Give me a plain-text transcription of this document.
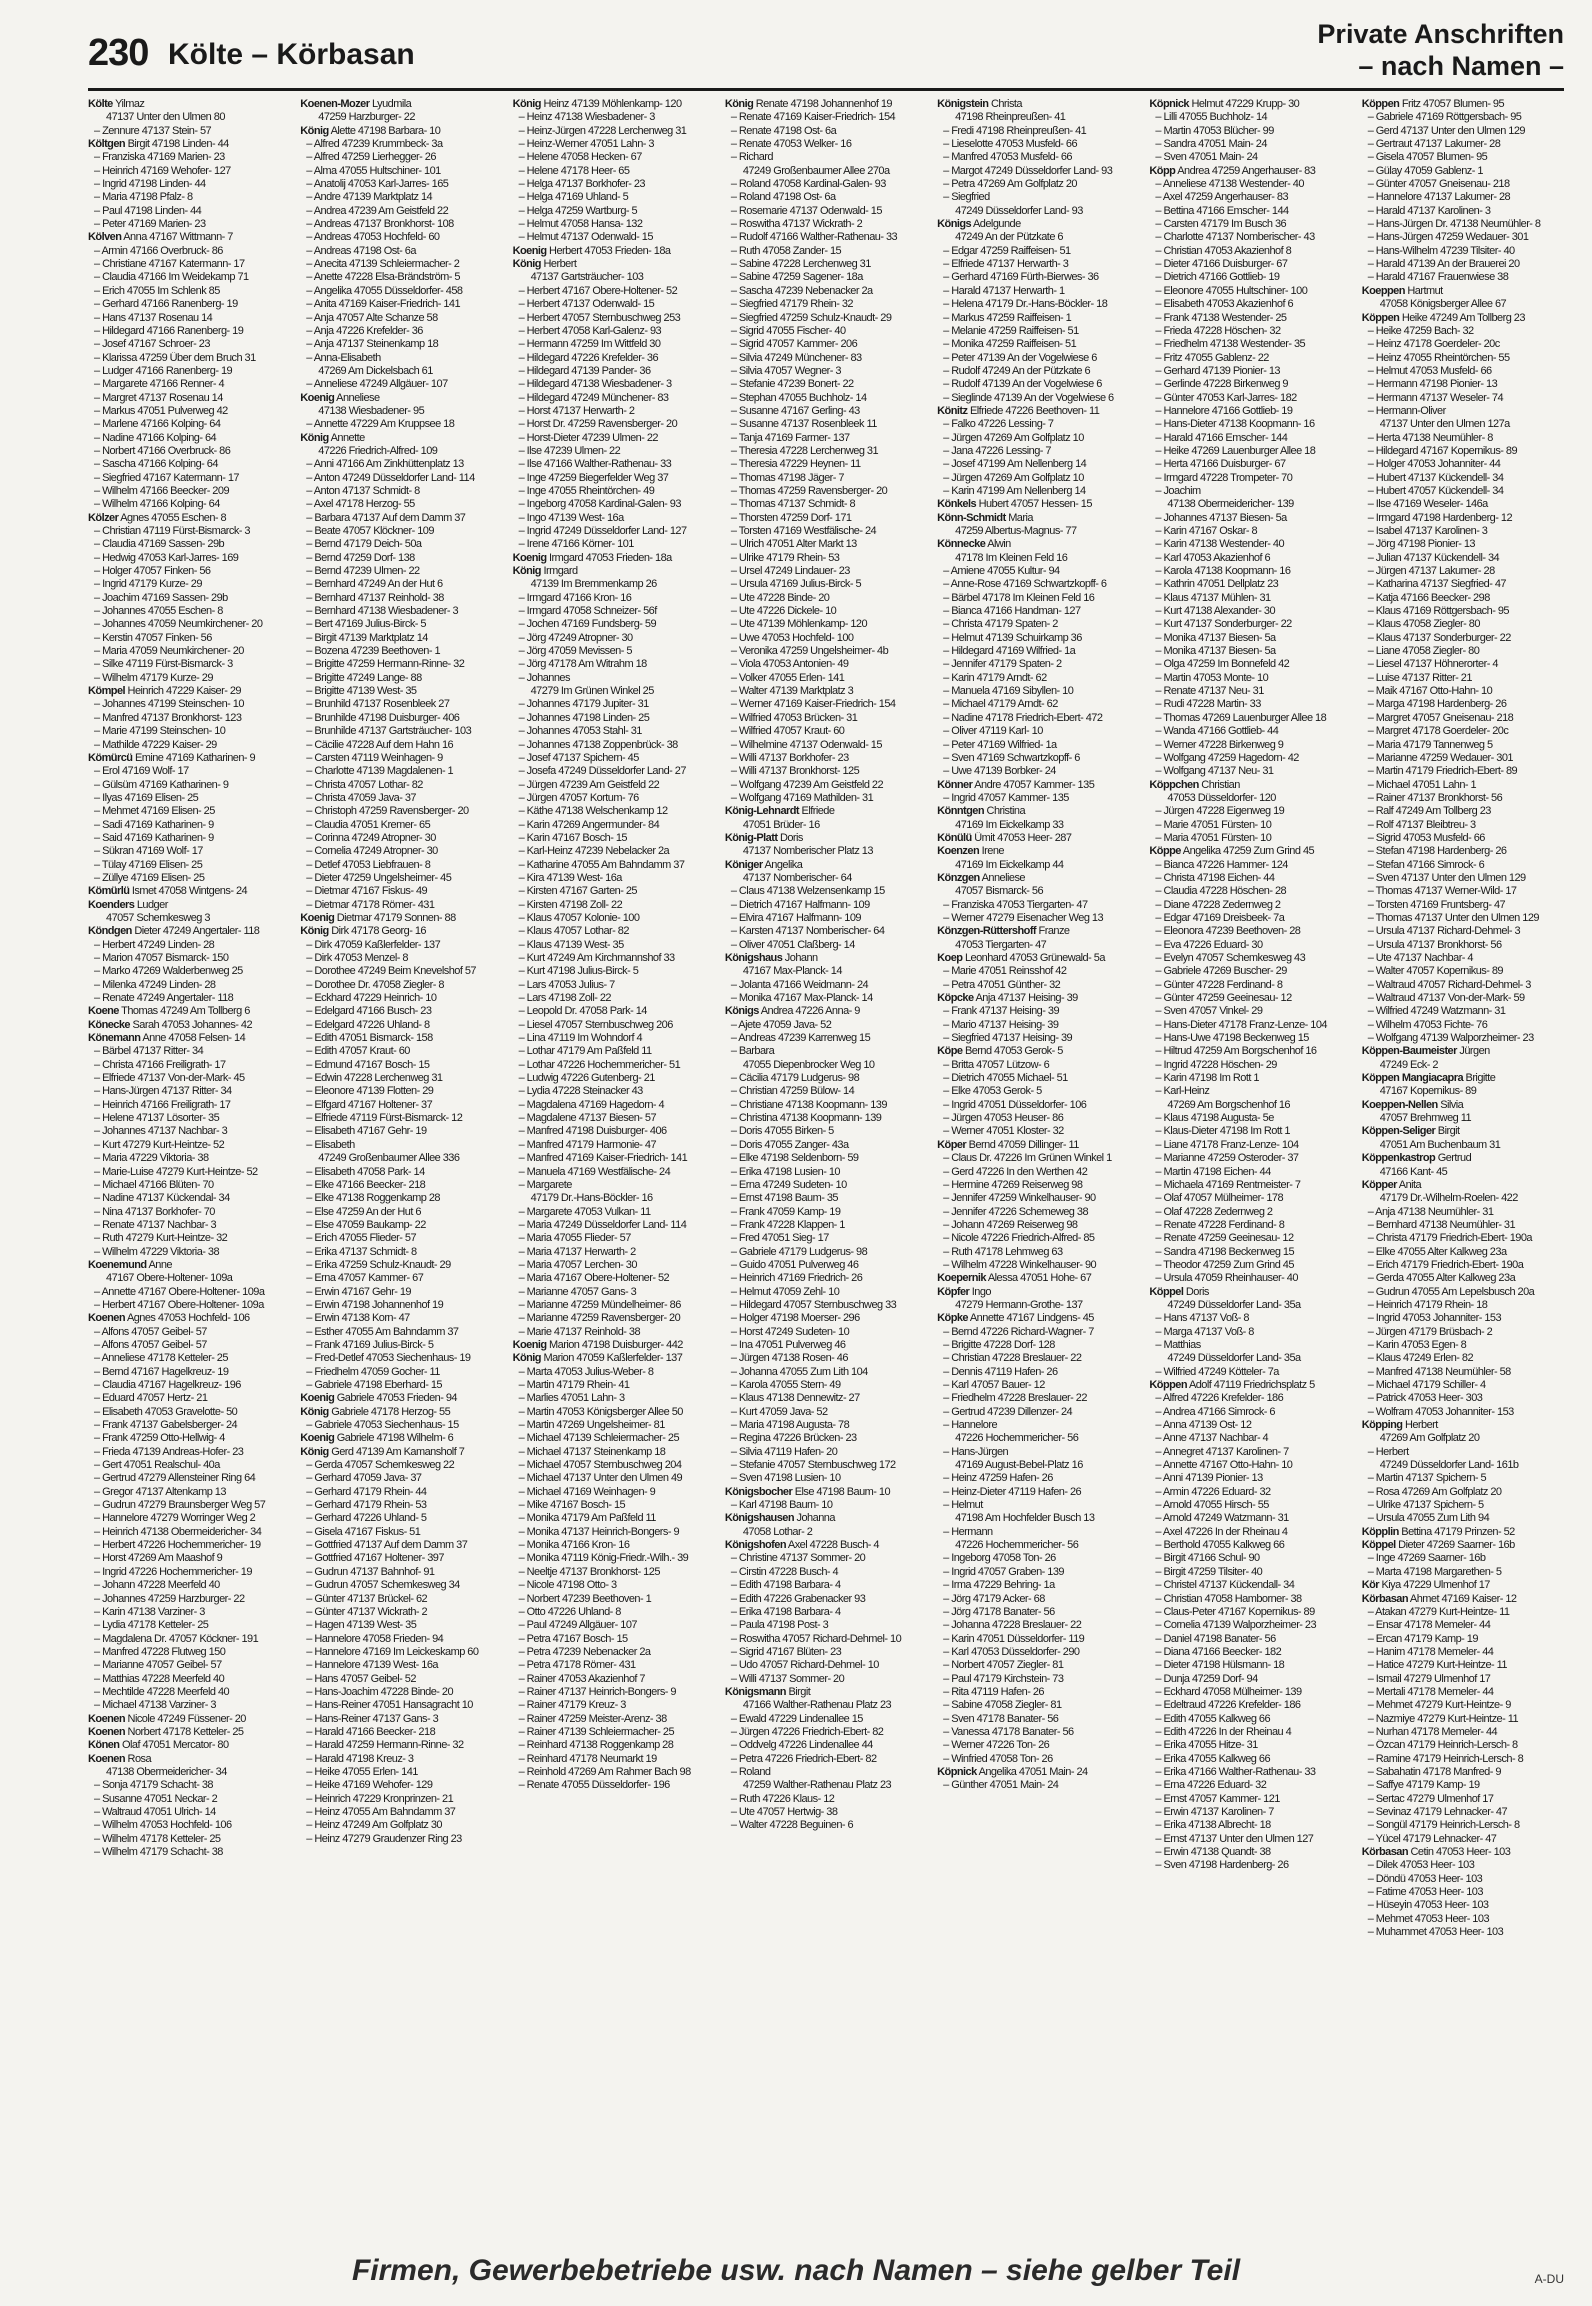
230 Költe – Körbasan
Private Anschriften
– nach Namen –
Költe Yilmaz
47137 Unter den Ulmen 80
– Zennure 47137 Stein- 57
Költgen Birgit 47198 Linden- 44
– Franziska 47169 Marien- 23
– Heinrich 47169 Wehofer- 127
– Ingrid 47198 Linden- 44
– Maria 47198 Pfalz- 8
– Paul 47198 Linden- 44
– Peter 47169 Marien- 23
Kölven Anna 47167 Wittmann- 7
– Armin 47166 Overbruck- 86
– Christiane 47167 Katermann- 17
– Claudia 47166 Im Weidekamp 71
– Erich 47055 Im Schlenk 85
– Gerhard 47166 Ranenberg- 19
– Hans 47137 Rosenau 14
– Hildegard 47166 Ranenberg- 19
– Josef 47167 Schroer- 23
– Klarissa 47259 Über dem Bruch 31
– Ludger 47166 Ranenberg- 19
– Margarete 47166 Renner- 4
– Margret 47137 Rosenau 14
– Markus 47051 Pulverweg 42
– Marlene 47166 Kolping- 64
– Nadine 47166 Kolping- 64
– Norbert 47166 Overbruck- 86
– Sascha 47166 Kolping- 64
– Siegfried 47167 Katermann- 17
– Wilhelm 47166 Beecker- 209
– Wilhelm 47166 Kolping- 64
Kölzer Agnes 47055 Eschen- 8
– Christian 47119 Fürst-Bismarck- 3
– Claudia 47169 Sassen- 29b
– Hedwig 47053 Karl-Jarres- 169
– Holger 47057 Finken- 56
– Ingrid 47179 Kurze- 29
– Joachim 47169 Sassen- 29b
– Johannes 47055 Eschen- 8
– Johannes 47059 Neumkirchener- 20
– Kerstin 47057 Finken- 56
– Maria 47059 Neumkirchener- 20
– Silke 47119 Fürst-Bismarck- 3
– Wilhelm 47179 Kurze- 29
Kömpel Heinrich 47229 Kaiser- 29
– Johannes 47199 Steinschen- 10
– Manfred 47137 Bronkhorst- 123
– Marie 47199 Steinschen- 10
– Mathilde 47229 Kaiser- 29
Kömürcü Emine 47169 Katharinen- 9
– Erol 47169 Wolf- 17
– Gülsüm 47169 Katharinen- 9
– Ilyas 47169 Elisen- 25
– Mehmet 47169 Elisen- 25
– Sadi 47169 Katharinen- 9
– Said 47169 Katharinen- 9
– Sükran 47169 Wolf- 17
– Tülay 47169 Elisen- 25
– Züllye 47169 Elisen- 25
Kömürlü Ismet 47058 Wintgens- 24
Koenders Ludger
47057 Schemkesweg 3
Köndgen Dieter 47249 Angertaler- 118
– Herbert 47249 Linden- 28
– Marion 47057 Bismarck- 150
– Marko 47269 Walderbenweg 25
– Milenka 47249 Linden- 28
– Renate 47249 Angertaler- 118
Koene Thomas 47249 Am Tollberg 6
Könecke Sarah 47053 Johannes- 42
Könemann Anne 47058 Felsen- 14
– Bärbel 47137 Ritter- 34
– Christa 47166 Freiligrath- 17
– Elfriede 47137 Von-der-Mark- 45
– Hans-Jürgen 47137 Ritter- 34
– Heinrich 47166 Freiligrath- 17
– Helene 47137 Lösorter- 35
– Johannes 47137 Nachbar- 3
– Kurt 47279 Kurt-Heintze- 52
– Maria 47229 Viktoria- 38
– Marie-Luise 47279 Kurt-Heintze- 52
– Michael 47166 Blüten- 70
– Nadine 47137 Kückendal- 34
– Nina 47137 Borkhofer- 70
– Renate 47137 Nachbar- 3
– Ruth 47279 Kurt-Heintze- 32
– Wilhelm 47229 Viktoria- 38
Koenemund Anne
47167 Obere-Holtener- 109a
– Annette 47167 Obere-Holtener- 109a
– Herbert 47167 Obere-Holtener- 109a
Koenen Agnes 47053 Hochfeld- 106
– Alfons 47057 Geibel- 57
– Alfons 47057 Geibel- 57
– Anneliese 47178 Ketteler- 25
– Bernd 47167 Hagelkreuz- 19
– Claudia 47167 Hagelkreuz- 196
– Eduard 47057 Hertz- 21
– Elisabeth 47053 Gravelotte- 50
– Frank 47137 Gabelsberger- 24
– Frank 47259 Otto-Hellwig- 4
– Frieda 47139 Andreas-Hofer- 23
– Gert 47051 Realschul- 40a
– Gertrud 47279 Allensteiner Ring 64
– Gregor 47137 Altenkamp 13
– Gudrun 47279 Braunsberger Weg 57
– Hannelore 47279 Worringer Weg 2
– Heinrich 47138 Obermeidericher- 34
– Herbert 47226 Hochemmericher- 19
– Horst 47269 Am Maashof 9
– Ingrid 47226 Hochemmericher- 19
– Johann 47228 Meerfeld 40
– Johannes 47259 Harzburger- 22
– Karin 47138 Varziner- 3
– Lydia 47178 Ketteler- 25
– Magdalena Dr. 47057 Köckner- 191
– Manfred 47228 Flutweg 150
– Marianne 47057 Geibel- 57
– Matthias 47228 Meerfeld 40
– Mechtilde 47228 Meerfeld 40
– Michael 47138 Varziner- 3
Koenen Nicole 47249 Füssener- 20
Koenen Norbert 47178 Ketteler- 25
Könen Olaf 47051 Mercator- 80
Koenen Rosa
47138 Obermeidericher- 34
– Sonja 47179 Schacht- 38
– Susanne 47051 Neckar- 2
– Waltraud 47051 Ulrich- 14
– Wilhelm 47053 Hochfeld- 106
– Wilhelm 47178 Ketteler- 25
– Wilhelm 47179 Schacht- 38
Koenen-Mozer Lyudmila
47259 Harzburger- 22
König Alette 47198 Barbara- 10
– Alfred 47239 Krummbeck- 3a
– Alfred 47259 Lierhegger- 26
– Alma 47055 Hultschiner- 101
– Anatolij 47053 Karl-Jarres- 165
– Andre 47139 Marktplatz 14
– Andrea 47239 Am Geistfeld 22
– Andreas 47137 Bronkhorst- 108
– Andreas 47053 Hochfeld- 60
– Andreas 47198 Ost- 6a
– Anecita 47139 Schleiermacher- 2
– Anette 47228 Elsa-Brändström- 5
– Angelika 47055 Düsseldorfer- 458
– Anita 47169 Kaiser-Friedrich- 141
– Anja 47057 Alte Schanze 58
– Anja 47226 Krefelder- 36
– Anja 47137 Steinenkamp 18
– Anna-Elisabeth
47269 Am Dickelsbach 61
– Anneliese 47249 Allgäuer- 107
Koenig Anneliese
47138 Wiesbadener- 95
– Annette 47229 Am Kruppsee 18
König Annette
47226 Friedrich-Alfred- 109
– Anni 47166 Am Zinkhüttenplatz 13
– Anton 47249 Düsseldorfer Land- 114
– Anton 47137 Schmidt- 8
– Axel 47178 Herzog- 55
– Barbara 47137 Auf dem Damm 37
– Beate 47057 Klöckner- 109
– Bernd 47179 Deich- 50a
– Bernd 47259 Dorf- 138
– Bernd 47239 Ulmen- 22
– Bernhard 47249 An der Hut 6
– Bernhard 47137 Reinhold- 38
– Bernhard 47138 Wiesbadener- 3
– Bert 47169 Julius-Birck- 5
– Birgit 47139 Marktplatz 14
– Bozena 47239 Beethoven- 1
– Brigitte 47259 Hermann-Rinne- 32
– Brigitte 47249 Lange- 88
– Brigitte 47139 West- 35
– Brunhild 47137 Rosenbleek 27
– Brunhilde 47198 Duisburger- 406
– Brunhilde 47137 Gartsträucher- 103
– Cäcilie 47228 Auf dem Hahn 16
– Carsten 47119 Weinhagen- 9
– Charlotte 47139 Magdalenen- 1
– Christa 47057 Lothar- 82
– Christa 47059 Java- 37
– Christoph 47259 Ravensberger- 20
– Claudia 47051 Kremer- 65
– Corinna 47249 Atropner- 30
– Cornelia 47249 Atropner- 30
– Detlef 47053 Liebfrauen- 8
– Dieter 47259 Ungelsheimer- 45
– Dietmar 47167 Fiskus- 49
– Dietmar 47178 Römer- 431
Koenig Dietmar 47179 Sonnen- 88
König Dirk 47178 Georg- 16
– Dirk 47059 Kaßlerfelder- 137
– Dirk 47053 Menzel- 8
– Dorothee 47249 Beim Knevelshof 57
– Dorothee Dr. 47058 Ziegler- 8
– Eckhard 47229 Heinrich- 10
– Edelgard 47166 Busch- 23
– Edelgard 47226 Uhland- 8
– Edith 47051 Bismarck- 158
– Edith 47057 Kraut- 60
– Edmund 47167 Bosch- 15
– Edwin 47228 Lerchenweg 31
– Eleonore 47139 Flotten- 29
– Elfgard 47167 Holtener- 37
– Elfriede 47119 Fürst-Bismarck- 12
– Elisabeth 47167 Gehr- 19
– Elisabeth
47249 Großenbaumer Allee 336
– Elisabeth 47058 Park- 14
– Elke 47166 Beecker- 218
– Elke 47138 Roggenkamp 28
– Else 47259 An der Hut 6
– Else 47059 Baukamp- 22
– Erich 47055 Flieder- 57
– Erika 47137 Schmidt- 8
– Erika 47259 Schulz-Knaudt- 29
– Erna 47057 Kammer- 67
– Erwin 47167 Gehr- 19
– Erwin 47198 Johannenhof 19
– Erwin 47138 Korn- 47
– Esther 47055 Am Bahndamm 37
– Frank 47169 Julius-Birck- 5
– Fred-Detlef 47053 Siechenhaus- 19
– Friedhelm 47059 Gocher- 11
– Gabriele 47198 Eberhard- 15
Koenig Gabriele 47053 Frieden- 94
König Gabriele 47178 Herzog- 55
– Gabriele 47053 Siechenhaus- 15
Koenig Gabriele 47198 Wilhelm- 6
König Gerd 47139 Am Kamansholf 7
– Gerda 47057 Schemkesweg 22
– Gerhard 47059 Java- 37
– Gerhard 47179 Rhein- 44
– Gerhard 47179 Rhein- 53
– Gerhard 47226 Uhland- 5
– Gisela 47167 Fiskus- 51
– Gottfried 47137 Auf dem Damm 37
– Gottfried 47167 Holtener- 397
– Gudrun 47137 Bahnhof- 91
– Gudrun 47057 Schemkesweg 34
– Günter 47137 Brückel- 62
– Günter 47137 Wickrath- 2
– Hagen 47139 West- 35
– Hannelore 47058 Frieden- 94
– Hannelore 47169 Im Leickeskamp 60
– Hannelore 47139 West- 16a
– Hans 47057 Geibel- 52
– Hans-Joachim 47228 Binde- 20
– Hans-Reiner 47051 Hansagracht 10
– Hans-Reiner 47137 Gans- 3
– Harald 47166 Beecker- 218
– Harald 47259 Hermann-Rinne- 32
– Harald 47198 Kreuz- 3
– Heike 47055 Erlen- 141
– Heike 47169 Wehofer- 129
– Heinrich 47229 Kronprinzen- 21
– Heinz 47055 Am Bahndamm 37
– Heinz 47249 Am Golfplatz 30
– Heinz 47279 Graudenzer Ring 23
König Heinz 47139 Möhlenkamp- 120
– Heinz 47138 Wiesbadener- 3
– Heinz-Jürgen 47228 Lerchenweg 31
– Heinz-Werner 47051 Lahn- 3
– Helene 47058 Hecken- 67
– Helene 47178 Heer- 65
– Helga 47137 Borkhofer- 23
– Helga 47169 Uhland- 5
– Helga 47259 Wartburg- 5
– Helmut 47058 Hansa- 132
– Helmut 47137 Odenwald- 15
Koenig Herbert 47053 Frieden- 18a
König Herbert
47137 Gartsträucher- 103
– Herbert 47167 Obere-Holtener- 52
– Herbert 47137 Odenwald- 15
– Herbert 47057 Sternbuschweg 253
– Herbert 47058 Karl-Galenz- 93
– Hermann 47259 Im Wittfeld 30
– Hildegard 47226 Krefelder- 36
– Hildegard 47139 Pander- 36
– Hildegard 47138 Wiesbadener- 3
– Hildegard 47249 Münchener- 83
– Horst 47137 Herwarth- 2
– Horst Dr. 47259 Ravensberger- 20
– Horst-Dieter 47239 Ulmen- 22
– Ilse 47239 Ulmen- 22
– Ilse 47166 Walther-Rathenau- 33
– Inge 47259 Biegerfelder Weg 37
– Inge 47055 Rheintörchen- 49
– Ingeborg 47058 Kardinal-Galen- 93
– Ingo 47139 West- 16a
– Ingrid 47249 Düsseldorfer Land- 127
– Irene 47166 Körner- 101
Koenig Irmgard 47053 Frieden- 18a
König Irmgard
47139 Im Bremmenkamp 26
– Irmgard 47166 Kron- 16
– Irmgard 47058 Schneizer- 56f
– Jochen 47169 Fundsberg- 59
– Jörg 47249 Atropner- 30
– Jörg 47059 Mevissen- 5
– Jörg 47178 Am Witrahm 18
– Johannes
47279 Im Grünen Winkel 25
– Johannes 47179 Jupiter- 31
– Johannes 47198 Linden- 25
– Johannes 47053 Stahl- 31
– Johannes 47138 Zoppenbrück- 38
– Josef 47137 Spichern- 45
– Josefa 47249 Düsseldorfer Land- 27
– Jürgen 47239 Am Geistfeld 22
– Jürgen 47057 Kortum- 76
– Käthe 47138 Welschenkamp 12
– Karin 47269 Angermunder- 84
– Karin 47167 Bosch- 15
– Karl-Heinz 47239 Nebelacker 2a
– Katharine 47055 Am Bahndamm 37
– Kira 47139 West- 16a
– Kirsten 47167 Garten- 25
– Kirsten 47198 Zoll- 22
– Klaus 47057 Kolonie- 100
– Klaus 47057 Lothar- 82
– Klaus 47139 West- 35
– Kurt 47249 Am Kirchmannshof 33
– Kurt 47198 Julius-Birck- 5
– Lars 47053 Julius- 7
– Lars 47198 Zoll- 22
– Leopold Dr. 47058 Park- 14
– Liesel 47057 Sternbuschweg 206
– Lina 47119 Im Wohndorf 4
– Lothar 47179 Am Paßfeld 11
– Lothar 47226 Hochemmericher- 51
– Ludwig 47226 Gutenberg- 21
– Lydia 47228 Steinacker 43
– Magdalena 47169 Hagedorn- 4
– Magdalene 47137 Biesen- 57
– Manfred 47198 Duisburger- 406
– Manfred 47179 Harmonie- 47
– Manfred 47169 Kaiser-Friedrich- 141
– Manuela 47169 Westfälische- 24
– Margarete
47179 Dr.-Hans-Böckler- 16
– Margarete 47053 Vulkan- 11
– Maria 47249 Düsseldorfer Land- 114
– Maria 47055 Flieder- 57
– Maria 47137 Herwarth- 2
– Maria 47057 Lerchen- 30
– Maria 47167 Obere-Holtener- 52
– Marianne 47057 Gans- 3
– Marianne 47259 Mündelheimer- 86
– Marianne 47259 Ravensberger- 20
– Marie 47137 Reinhold- 38
Koenig Marion 47198 Duisburger- 442
König Marion 47059 Kaßlerfelder- 137
– Marta 47053 Julius-Weber- 8
– Martin 47179 Rhein- 41
– Marlies 47051 Lahn- 3
– Martin 47053 Königsberger Allee 50
– Martin 47269 Ungelsheimer- 81
– Michael 47139 Schleiermacher- 25
– Michael 47137 Steinenkamp 18
– Michael 47057 Sternbuschweg 204
– Michael 47137 Unter den Ulmen 49
– Michael 47169 Weinhagen- 9
– Mike 47167 Bosch- 15
– Monika 47179 Am Paßfeld 11
– Monika 47137 Heinrich-Bongers- 9
– Monika 47166 Kron- 16
– Monika 47119 König-Friedr.-Wilh.- 39
– Neeltje 47137 Bronkhorst- 125
– Nicole 47198 Otto- 3
– Norbert 47239 Beethoven- 1
– Otto 47226 Uhland- 8
– Paul 47249 Allgäuer- 107
– Petra 47167 Bosch- 15
– Petra 47239 Nebenacker 2a
– Petra 47178 Römer- 431
– Rainer 47053 Akazienhof 7
– Rainer 47137 Heinrich-Bongers- 9
– Rainer 47179 Kreuz- 3
– Rainer 47259 Meister-Arenz- 38
– Rainer 47139 Schleiermacher- 25
– Reinhard 47138 Roggenkamp 28
– Reinhard 47178 Neumarkt 19
– Reinhold 47269 Am Rahmer Bach 98
– Renate 47055 Düsseldorfer- 196
König Renate 47198 Johannenhof 19
– Renate 47169 Kaiser-Friedrich- 154
– Renate 47198 Ost- 6a
– Renate 47053 Welker- 16
– Richard
47249 Großenbaumer Allee 270a
– Roland 47058 Kardinal-Galen- 93
– Roland 47198 Ost- 6a
– Rosemarie 47137 Odenwald- 15
– Roswitha 47137 Wickrath- 2
– Rudolf 47166 Walther-Rathenau- 33
– Ruth 47058 Zander- 15
– Sabine 47228 Lerchenweg 31
– Sabine 47259 Sagener- 18a
– Sascha 47239 Nebenacker 2a
– Siegfried 47179 Rhein- 32
– Siegfried 47259 Schulz-Knaudt- 29
– Sigrid 47055 Fischer- 40
– Sigrid 47057 Kammer- 206
– Silvia 47249 Münchener- 83
– Silvia 47057 Wegner- 3
– Stefanie 47239 Bonert- 22
– Stephan 47055 Buchholz- 14
– Susanne 47167 Gerling- 43
– Susanne 47137 Rosenbleek 11
– Tanja 47169 Farmer- 137
– Theresia 47228 Lerchenweg 31
– Theresia 47229 Heynen- 11
– Thomas 47198 Jäger- 7
– Thomas 47259 Ravensberger- 20
– Thomas 47137 Schmidt- 8
– Thorsten 47259 Dorf- 171
– Torsten 47169 Westfälische- 24
– Ulrich 47051 Alter Markt 13
– Ulrike 47179 Rhein- 53
– Ursel 47249 Lindauer- 23
– Ursula 47169 Julius-Birck- 5
– Ute 47228 Binde- 20
– Ute 47226 Dickele- 10
– Ute 47139 Möhlenkamp- 120
– Uwe 47053 Hochfeld- 100
– Veronika 47259 Ungelsheimer- 4b
– Viola 47053 Antonien- 49
– Volker 47055 Erlen- 141
– Walter 47139 Marktplatz 3
– Werner 47169 Kaiser-Friedrich- 154
– Wilfried 47053 Brücken- 31
– Wilfried 47057 Kraut- 60
– Wilhelmine 47137 Odenwald- 15
– Willi 47137 Borkhofer- 23
– Willi 47137 Bronkhorst- 125
– Wolfgang 47239 Am Geistfeld 22
– Wolfgang 47169 Mathilden- 31
König-Lehnardt Elfriede
47051 Brüder- 16
König-Platt Doris
47137 Nomberischer Platz 13
Königer Angelika
47137 Nomberischer- 64
– Claus 47138 Welzensenkamp 15
– Dietrich 47167 Halfmann- 109
– Elvira 47167 Halfmann- 109
– Karsten 47137 Nomberischer- 64
– Oliver 47051 Claßberg- 14
Königshaus Johann
47167 Max-Planck- 14
– Jolanta 47166 Weidmann- 24
– Monika 47167 Max-Planck- 14
Königs Andrea 47226 Anna- 9
– Ajete 47059 Java- 52
– Andreas 47239 Karrenweg 15
– Barbara
47055 Diepenbrocker Weg 10
– Cäcilia 47179 Ludgerus- 98
– Christian 47259 Bülow- 14
– Christiane 47138 Koopmann- 139
– Christina 47138 Koopmann- 139
– Doris 47055 Birken- 5
– Doris 47055 Zanger- 43a
– Elke 47198 Seldenborn- 59
– Erika 47198 Lusien- 10
– Erna 47249 Sudeten- 10
– Ernst 47198 Baum- 35
– Frank 47059 Kamp- 19
– Frank 47228 Klappen- 1
– Fred 47051 Sieg- 17
– Gabriele 47179 Ludgerus- 98
– Guido 47051 Pulverweg 46
– Heinrich 47169 Friedrich- 26
– Helmut 47059 Zehl- 10
– Hildegard 47057 Sternbuschweg 33
– Holger 47198 Moerser- 296
– Horst 47249 Sudeten- 10
– Ina 47051 Pulverweg 46
– Jürgen 47138 Rosen- 46
– Johanna 47055 Zum Lith 104
– Karola 47055 Stern- 49
– Klaus 47138 Dennewitz- 27
– Kurt 47059 Java- 52
– Maria 47198 Augusta- 78
– Regina 47226 Brücken- 23
– Silvia 47119 Hafen- 20
– Stefanie 47057 Sternbuschweg 172
– Sven 47198 Lusien- 10
Königsbocher Else 47198 Baum- 10
– Karl 47198 Baum- 10
Königshausen Johanna
47058 Lothar- 2
Königshofen Axel 47228 Busch- 4
– Christine 47137 Sommer- 20
– Cirstin 47228 Busch- 4
– Edith 47198 Barbara- 4
– Edith 47226 Grabenacker 93
– Erika 47198 Barbara- 4
– Paula 47198 Post- 3
– Roswitha 47057 Richard-Dehmel- 10
– Sigrid 47167 Blüten- 23
– Udo 47057 Richard-Dehmel- 10
– Willi 47137 Sommer- 20
Königsmann Birgit
47166 Walther-Rathenau Platz 23
– Ewald 47229 Lindenallee 15
– Jürgen 47226 Friedrich-Ebert- 82
– Oddvelg 47226 Lindenallee 44
– Petra 47226 Friedrich-Ebert- 82
– Roland
47259 Walther-Rathenau Platz 23
– Ruth 47226 Klaus- 12
– Ute 47057 Hertwig- 38
– Walter 47228 Beguinen- 6
Königstein Christa
47198 Rheinpreußen- 41
– Fredi 47198 Rheinpreußen- 41
– Lieselotte 47053 Musfeld- 66
– Manfred 47053 Musfeld- 66
– Margot 47249 Düsseldorfer Land- 93
– Petra 47269 Am Golfplatz 20
– Siegfried
47249 Düsseldorfer Land- 93
Königs Adelgunde
47249 An der Pützkate 6
– Edgar 47259 Raiffeisen- 51
– Elfriede 47137 Herwarth- 3
– Gerhard 47169 Fürth-Bierwes- 36
– Harald 47137 Herwarth- 1
– Helena 47179 Dr.-Hans-Böckler- 18
– Markus 47259 Raiffeisen- 1
– Melanie 47259 Raiffeisen- 51
– Monika 47259 Raiffeisen- 51
– Peter 47139 An der Vogelwiese 6
– Rudolf 47249 An der Pützkate 6
– Rudolf 47139 An der Vogelwiese 6
– Sieglinde 47139 An der Vogelwiese 6
Könitz Elfriede 47226 Beethoven- 11
– Falko 47226 Lessing- 7
– Jürgen 47269 Am Golfplatz 10
– Jana 47226 Lessing- 7
– Josef 47199 Am Nellenberg 14
– Jürgen 47269 Am Golfplatz 10
– Karin 47199 Am Nellenberg 14
Könkels Hubert 47057 Hessen- 15
Könn-Schmidt Maria
47259 Albertus-Magnus- 77
Könnecke Alwin
47178 Im Kleinen Feld 16
– Amiene 47055 Kultur- 94
– Anne-Rose 47169 Schwartzkopff- 6
– Bärbel 47178 Im Kleinen Feld 16
– Bianca 47166 Handman- 127
– Christa 47179 Spaten- 2
– Helmut 47139 Schuirkamp 36
– Hildegard 47169 Wilfried- 1a
– Jennifer 47179 Spaten- 2
– Karin 47179 Arndt- 62
– Manuela 47169 Sibyllen- 10
– Michael 47179 Arndt- 62
– Nadine 47178 Friedrich-Ebert- 472
– Oliver 47119 Karl- 10
– Peter 47169 Wilfried- 1a
– Sven 47169 Schwartzkopff- 6
– Uwe 47139 Borbker- 24
Könner Andre 47057 Kammer- 135
– Ingrid 47057 Kammer- 135
Könntgen Christina
47169 Im Eickelkamp 33
Könülü Ümit 47053 Heer- 287
Koenzen Irene
47169 Im Eickelkamp 44
Könzgen Anneliese
47057 Bismarck- 56
– Franziska 47053 Tiergarten- 47
– Werner 47279 Eisenacher Weg 13
Könzgen-Rüttershoff Franze
47053 Tiergarten- 47
Koep Leonhard 47053 Grünewald- 5a
– Marie 47051 Reinsshof 42
– Petra 47051 Günther- 32
Köpcke Anja 47137 Heising- 39
– Frank 47137 Heising- 39
– Mario 47137 Heising- 39
– Siegfried 47137 Heising- 39
Köpe Bernd 47053 Gerok- 5
– Britta 47057 Lützow- 6
– Dietrich 47055 Michael- 51
– Elke 47053 Gerok- 5
– Ingrid 47051 Düsseldorfer- 106
– Jürgen 47053 Heuser- 86
– Werner 47051 Kloster- 32
Köper Bernd 47059 Dillinger- 11
– Claus Dr. 47226 Im Grünen Winkel 1
– Gerd 47226 In den Werthen 42
– Hermine 47269 Reiserweg 98
– Jennifer 47259 Winkelhauser- 90
– Jennifer 47226 Schemeweg 38
– Johann 47269 Reiserweg 98
– Nicole 47226 Friedrich-Alfred- 85
– Ruth 47178 Lehmweg 63
– Wilhelm 47228 Winkelhauser- 90
Koepernik Alessa 47051 Hohe- 67
Köpfer Ingo
47279 Hermann-Grothe- 137
Köpke Annette 47167 Lindgens- 45
– Bernd 47226 Richard-Wagner- 7
– Brigitte 47228 Dorf- 128
– Christian 47228 Breslauer- 22
– Dennis 47119 Hafen- 26
– Karl 47057 Bauer- 12
– Friedhelm 47228 Breslauer- 22
– Gertrud 47239 Dillenzer- 24
– Hannelore
47226 Hochemmericher- 56
– Hans-Jürgen
47169 August-Bebel-Platz 16
– Heinz 47259 Hafen- 26
– Heinz-Dieter 47119 Hafen- 26
– Helmut
47198 Am Hochfelder Busch 13
– Hermann
47226 Hochemmericher- 56
– Ingeborg 47058 Ton- 26
– Ingrid 47057 Graben- 139
– Irma 47229 Behring- 1a
– Jörg 47179 Acker- 68
– Jörg 47178 Banater- 56
– Johanna 47228 Breslauer- 22
– Karin 47051 Düsseldorfer- 119
– Karl 47053 Düsseldorfer- 290
– Norbert 47057 Ziegler- 81
– Paul 47179 Kirchstein- 73
– Rita 47119 Hafen- 26
– Sabine 47058 Ziegler- 81
– Sven 47178 Banater- 56
– Vanessa 47178 Banater- 56
– Werner 47226 Ton- 26
– Winfried 47058 Ton- 26
Köpnick Angelika 47051 Main- 24
– Günther 47051 Main- 24
Köpnick Helmut 47229 Krupp- 30
– Lilli 47055 Buchholz- 14
– Martin 47053 Blücher- 99
– Sandra 47051 Main- 24
– Sven 47051 Main- 24
Köpp Andrea 47259 Angerhauser- 83
– Anneliese 47138 Westender- 40
– Axel 47259 Angerhauser- 83
– Bettina 47166 Emscher- 144
– Carsten 47179 Im Busch 36
– Charlotte 47137 Nomberischer- 43
– Christian 47053 Akazienhof 8
– Dieter 47166 Duisburger- 67
– Dietrich 47166 Gottlieb- 19
– Eleonore 47055 Hultschiner- 100
– Elisabeth 47053 Akazienhof 6
– Frank 47138 Westender- 25
– Frieda 47228 Höschen- 32
– Friedhelm 47138 Westender- 35
– Fritz 47055 Gablenz- 22
– Gerhard 47139 Pionier- 13
– Gerlinde 47228 Birkenweg 9
– Günter 47053 Karl-Jarres- 182
– Hannelore 47166 Gottlieb- 19
– Hans-Dieter 47138 Koopmann- 16
– Harald 47166 Emscher- 144
– Heike 47269 Lauenburger Allee 18
– Herta 47166 Duisburger- 67
– Irmgard 47228 Trompeter- 70
– Joachim
47138 Obermeidericher- 139
– Johannes 47137 Biesen- 5a
– Karin 47167 Oskar- 8
– Karin 47138 Westender- 40
– Karl 47053 Akazienhof 6
– Karola 47138 Koopmann- 16
– Kathrin 47051 Dellplatz 23
– Klaus 47137 Mühlen- 31
– Kurt 47138 Alexander- 30
– Kurt 47137 Sonderburger- 22
– Monika 47137 Biesen- 5a
– Monika 47137 Biesen- 5a
– Olga 47259 Im Bonnefeld 42
– Martin 47053 Monte- 10
– Renate 47137 Neu- 31
– Rudi 47228 Martin- 33
– Thomas 47269 Lauenburger Allee 18
– Wanda 47166 Gottlieb- 44
– Werner 47228 Birkenweg 9
– Wolfgang 47259 Hagedorn- 42
– Wolfgang 47137 Neu- 31
Köppchen Christian
47053 Düsseldorfer- 120
– Jürgen 47228 Eigenweg 19
– Marie 47051 Fürsten- 10
– Maria 47051 Fürsten- 10
Köppe Angelika 47259 Zum Grind 45
– Bianca 47226 Hammer- 124
– Christa 47198 Eichen- 44
– Claudia 47228 Höschen- 28
– Diane 47228 Zedernweg 2
– Edgar 47169 Dreisbeek- 7a
– Eleonora 47239 Beethoven- 28
– Eva 47226 Eduard- 30
– Evelyn 47057 Schemkesweg 43
– Gabriele 47269 Buscher- 29
– Günter 47228 Ferdinand- 8
– Günter 47259 Geeinesau- 12
– Sven 47057 Vinkel- 29
– Hans-Dieter 47178 Franz-Lenze- 104
– Hans-Uwe 47198 Beckenweg 15
– Hiltrud 47259 Am Borgschenhof 16
– Ingrid 47228 Höschen- 29
– Karin 47198 Im Rott 1
– Karl-Heinz
47269 Am Borgschenhof 16
– Klaus 47198 Augusta- 5e
– Klaus-Dieter 47198 Im Rott 1
– Liane 47178 Franz-Lenze- 104
– Marianne 47259 Osteroder- 37
– Martin 47198 Eichen- 44
– Michaela 47169 Rentmeister- 7
– Olaf 47057 Mülheimer- 178
– Olaf 47228 Zedernweg 2
– Renate 47228 Ferdinand- 8
– Renate 47259 Geeinesau- 12
– Sandra 47198 Beckenweg 15
– Theodor 47259 Zum Grind 45
– Ursula 47059 Rheinhauser- 40
Köppel Doris
47249 Düsseldorfer Land- 35a
– Hans 47137 Voß- 8
– Marga 47137 Voß- 8
– Matthias
47249 Düsseldorfer Land- 35a
– Wilfried 47249 Kötteler- 7a
Köppen Adolf 47119 Friedrichsplatz 5
– Alfred 47226 Krefelder- 186
– Andrea 47166 Simrock- 6
– Anna 47139 Ost- 12
– Anne 47137 Nachbar- 4
– Annegret 47137 Karolinen- 7
– Annette 47167 Otto-Hahn- 10
– Anni 47139 Pionier- 13
– Armin 47226 Eduard- 32
– Arnold 47055 Hirsch- 55
– Arnold 47249 Watzmann- 31
– Axel 47226 In der Rheinau 4
– Berthold 47055 Kalkweg 66
– Birgit 47166 Schul- 90
– Birgit 47259 Tilsiter- 40
– Christel 47137 Kückendall- 34
– Christian 47058 Hamborner- 38
– Claus-Peter 47167 Kopernikus- 89
– Cornelia 47139 Walporzheimer- 23
– Daniel 47198 Banater- 56
– Diana 47166 Beecker- 182
– Dieter 47198 Hülsmann- 18
– Dunja 47259 Dorf- 94
– Eckhard 47058 Mülheimer- 139
– Edeltraud 47226 Krefelder- 186
– Edith 47055 Kalkweg 66
– Edith 47226 In der Rheinau 4
– Erika 47055 Hitze- 31
– Erika 47055 Kalkweg 66
– Erika 47166 Walther-Rathenau- 33
– Erna 47226 Eduard- 32
– Ernst 47057 Kammer- 121
– Erwin 47137 Karolinen- 7
– Erika 47138 Albrecht- 18
– Ernst 47137 Unter den Ulmen 127
– Erwin 47138 Quandt- 38
– Sven 47198 Hardenberg- 26
Köppen Fritz 47057 Blumen- 95
– Gabriele 47169 Röttgersbach- 95
– Gerd 47137 Unter den Ulmen 129
– Gertraut 47137 Lakumer- 28
– Gisela 47057 Blumen- 95
– Gülay 47059 Gablenz- 1
– Günter 47057 Gneisenau- 218
– Hannelore 47137 Lakumer- 28
– Harald 47137 Karolinen- 3
– Hans-Jürgen Dr. 47138 Neumühler- 8
– Hans-Jürgen 47259 Wedauer- 301
– Hans-Wilhelm 47239 Tilsiter- 40
– Harald 47139 An der Brauerei 20
– Harald 47167 Frauenwiese 38
Koeppen Hartmut
47058 Königsberger Allee 67
Köppen Heike 47249 Am Tollberg 23
– Heike 47259 Bach- 32
– Heinz 47178 Goerdeler- 20c
– Heinz 47055 Rheintörchen- 55
– Helmut 47053 Musfeld- 66
– Hermann 47198 Pionier- 13
– Hermann 47137 Weseler- 74
– Hermann-Oliver
47137 Unter den Ulmen 127a
– Herta 47138 Neumühler- 8
– Hildegard 47167 Kopernikus- 89
– Holger 47053 Johanniter- 44
– Hubert 47137 Kückendell- 34
– Hubert 47057 Kückendell- 34
– Ilse 47169 Weseler- 146a
– Irmgard 47198 Hardenberg- 12
– Isabel 47137 Karolinen- 3
– Jörg 47198 Pionier- 13
– Julian 47137 Kückendell- 34
– Jürgen 47137 Lakumer- 28
– Katharina 47137 Siegfried- 47
– Katja 47166 Beecker- 298
– Klaus 47169 Röttgersbach- 95
– Klaus 47058 Ziegler- 80
– Klaus 47137 Sonderburger- 22
– Liane 47058 Ziegler- 80
– Liesel 47137 Höhnerorter- 4
– Luise 47137 Ritter- 21
– Maik 47167 Otto-Hahn- 10
– Marga 47198 Hardenberg- 26
– Margret 47057 Gneisenau- 218
– Margret 47178 Goerdeler- 20c
– Maria 47179 Tannenweg 5
– Marianne 47259 Wedauer- 301
– Martin 47179 Friedrich-Ebert- 89
– Michael 47051 Lahn- 1
– Rainer 47137 Bronkhorst- 56
– Ralf 47249 Am Tollberg 23
– Rolf 47137 Bleibtreu- 3
– Sigrid 47053 Musfeld- 66
– Stefan 47198 Hardenberg- 26
– Stefan 47166 Simrock- 6
– Sven 47137 Unter den Ulmen 129
– Thomas 47137 Werner-Wild- 17
– Torsten 47169 Fruntsberg- 47
– Thomas 47137 Unter den Ulmen 129
– Ursula 47137 Richard-Dehmel- 3
– Ursula 47137 Bronkhorst- 56
– Ute 47137 Nachbar- 4
– Walter 47057 Kopernikus- 89
– Waltraud 47057 Richard-Dehmel- 3
– Waltraud 47137 Von-der-Mark- 59
– Wilfried 47249 Watzmann- 31
– Wilhelm 47053 Fichte- 76
– Wolfgang 47139 Walporzheimer- 23
Köppen-Baumeister Jürgen
47249 Eck- 2
Köppen Mangiacapra Brigitte
47167 Kopernikus- 89
Koeppen-Nellen Silvia
47057 Brehmweg 11
Köppen-Seliger Birgit
47051 Am Buchenbaum 31
Köppenkastrop Gertrud
47166 Kant- 45
Köpper Anita
47179 Dr.-Wilhelm-Roelen- 422
– Anja 47138 Neumühler- 31
– Bernhard 47138 Neumühler- 31
– Christa 47179 Friedrich-Ebert- 190a
– Elke 47055 Alter Kalkweg 23a
– Erich 47179 Friedrich-Ebert- 190a
– Gerda 47055 Alter Kalkweg 23a
– Gudrun 47055 Am Lepelsbusch 20a
– Heinrich 47179 Rhein- 18
– Ingrid 47053 Johanniter- 153
– Jürgen 47179 Brüsbach- 2
– Karin 47053 Egen- 8
– Klaus 47249 Erlen- 82
– Manfred 47138 Neumühler- 58
– Michael 47179 Schiller- 4
– Patrick 47053 Heer- 303
– Wolfram 47053 Johanniter- 153
Köpping Herbert
47269 Am Golfplatz 20
– Herbert
47249 Düsseldorfer Land- 161b
– Martin 47137 Spichern- 5
– Rosa 47269 Am Golfplatz 20
– Ulrike 47137 Spichern- 5
– Ursula 47055 Zum Lith 94
Köpplin Bettina 47179 Prinzen- 52
Köppel Dieter 47269 Saarner- 16b
– Inge 47269 Saarner- 16b
– Marta 47198 Margarethen- 5
Kör Kiya 47229 Ulmenhof 17
Körbasan Ahmet 47169 Kaiser- 12
– Atakan 47279 Kurt-Heintze- 11
– Ensar 47178 Memeler- 44
– Ercan 47179 Kamp- 19
– Hanim 47178 Memeler- 44
– Hatice 47279 Kurt-Heintze- 11
– Ismail 47279 Ulmenhof 17
– Mertali 47178 Memeler- 44
– Mehmet 47279 Kurt-Heintze- 9
– Nazmiye 47279 Kurt-Heintze- 11
– Nurhan 47178 Memeler- 44
– Özcan 47179 Heinrich-Lersch- 8
– Ramine 47179 Heinrich-Lersch- 8
– Sabahatin 47178 Manfred- 9
– Saffye 47179 Kamp- 19
– Sertac 47279 Ulmenhof 17
– Sevinaz 47179 Lehnacker- 47
– Songül 47179 Heinrich-Lersch- 8
– Yücel 47179 Lehnacker- 47
Körbasan Cetin 47053 Heer- 103
– Dilek 47053 Heer- 103
– Döndü 47053 Heer- 103
– Fatime 47053 Heer- 103
– Hüseyin 47053 Heer- 103
– Mehmet 47053 Heer- 103
– Muhammet 47053 Heer- 103
Firmen, Gewerbebetriebe usw. nach Namen – siehe gelber Teil	A-DU
